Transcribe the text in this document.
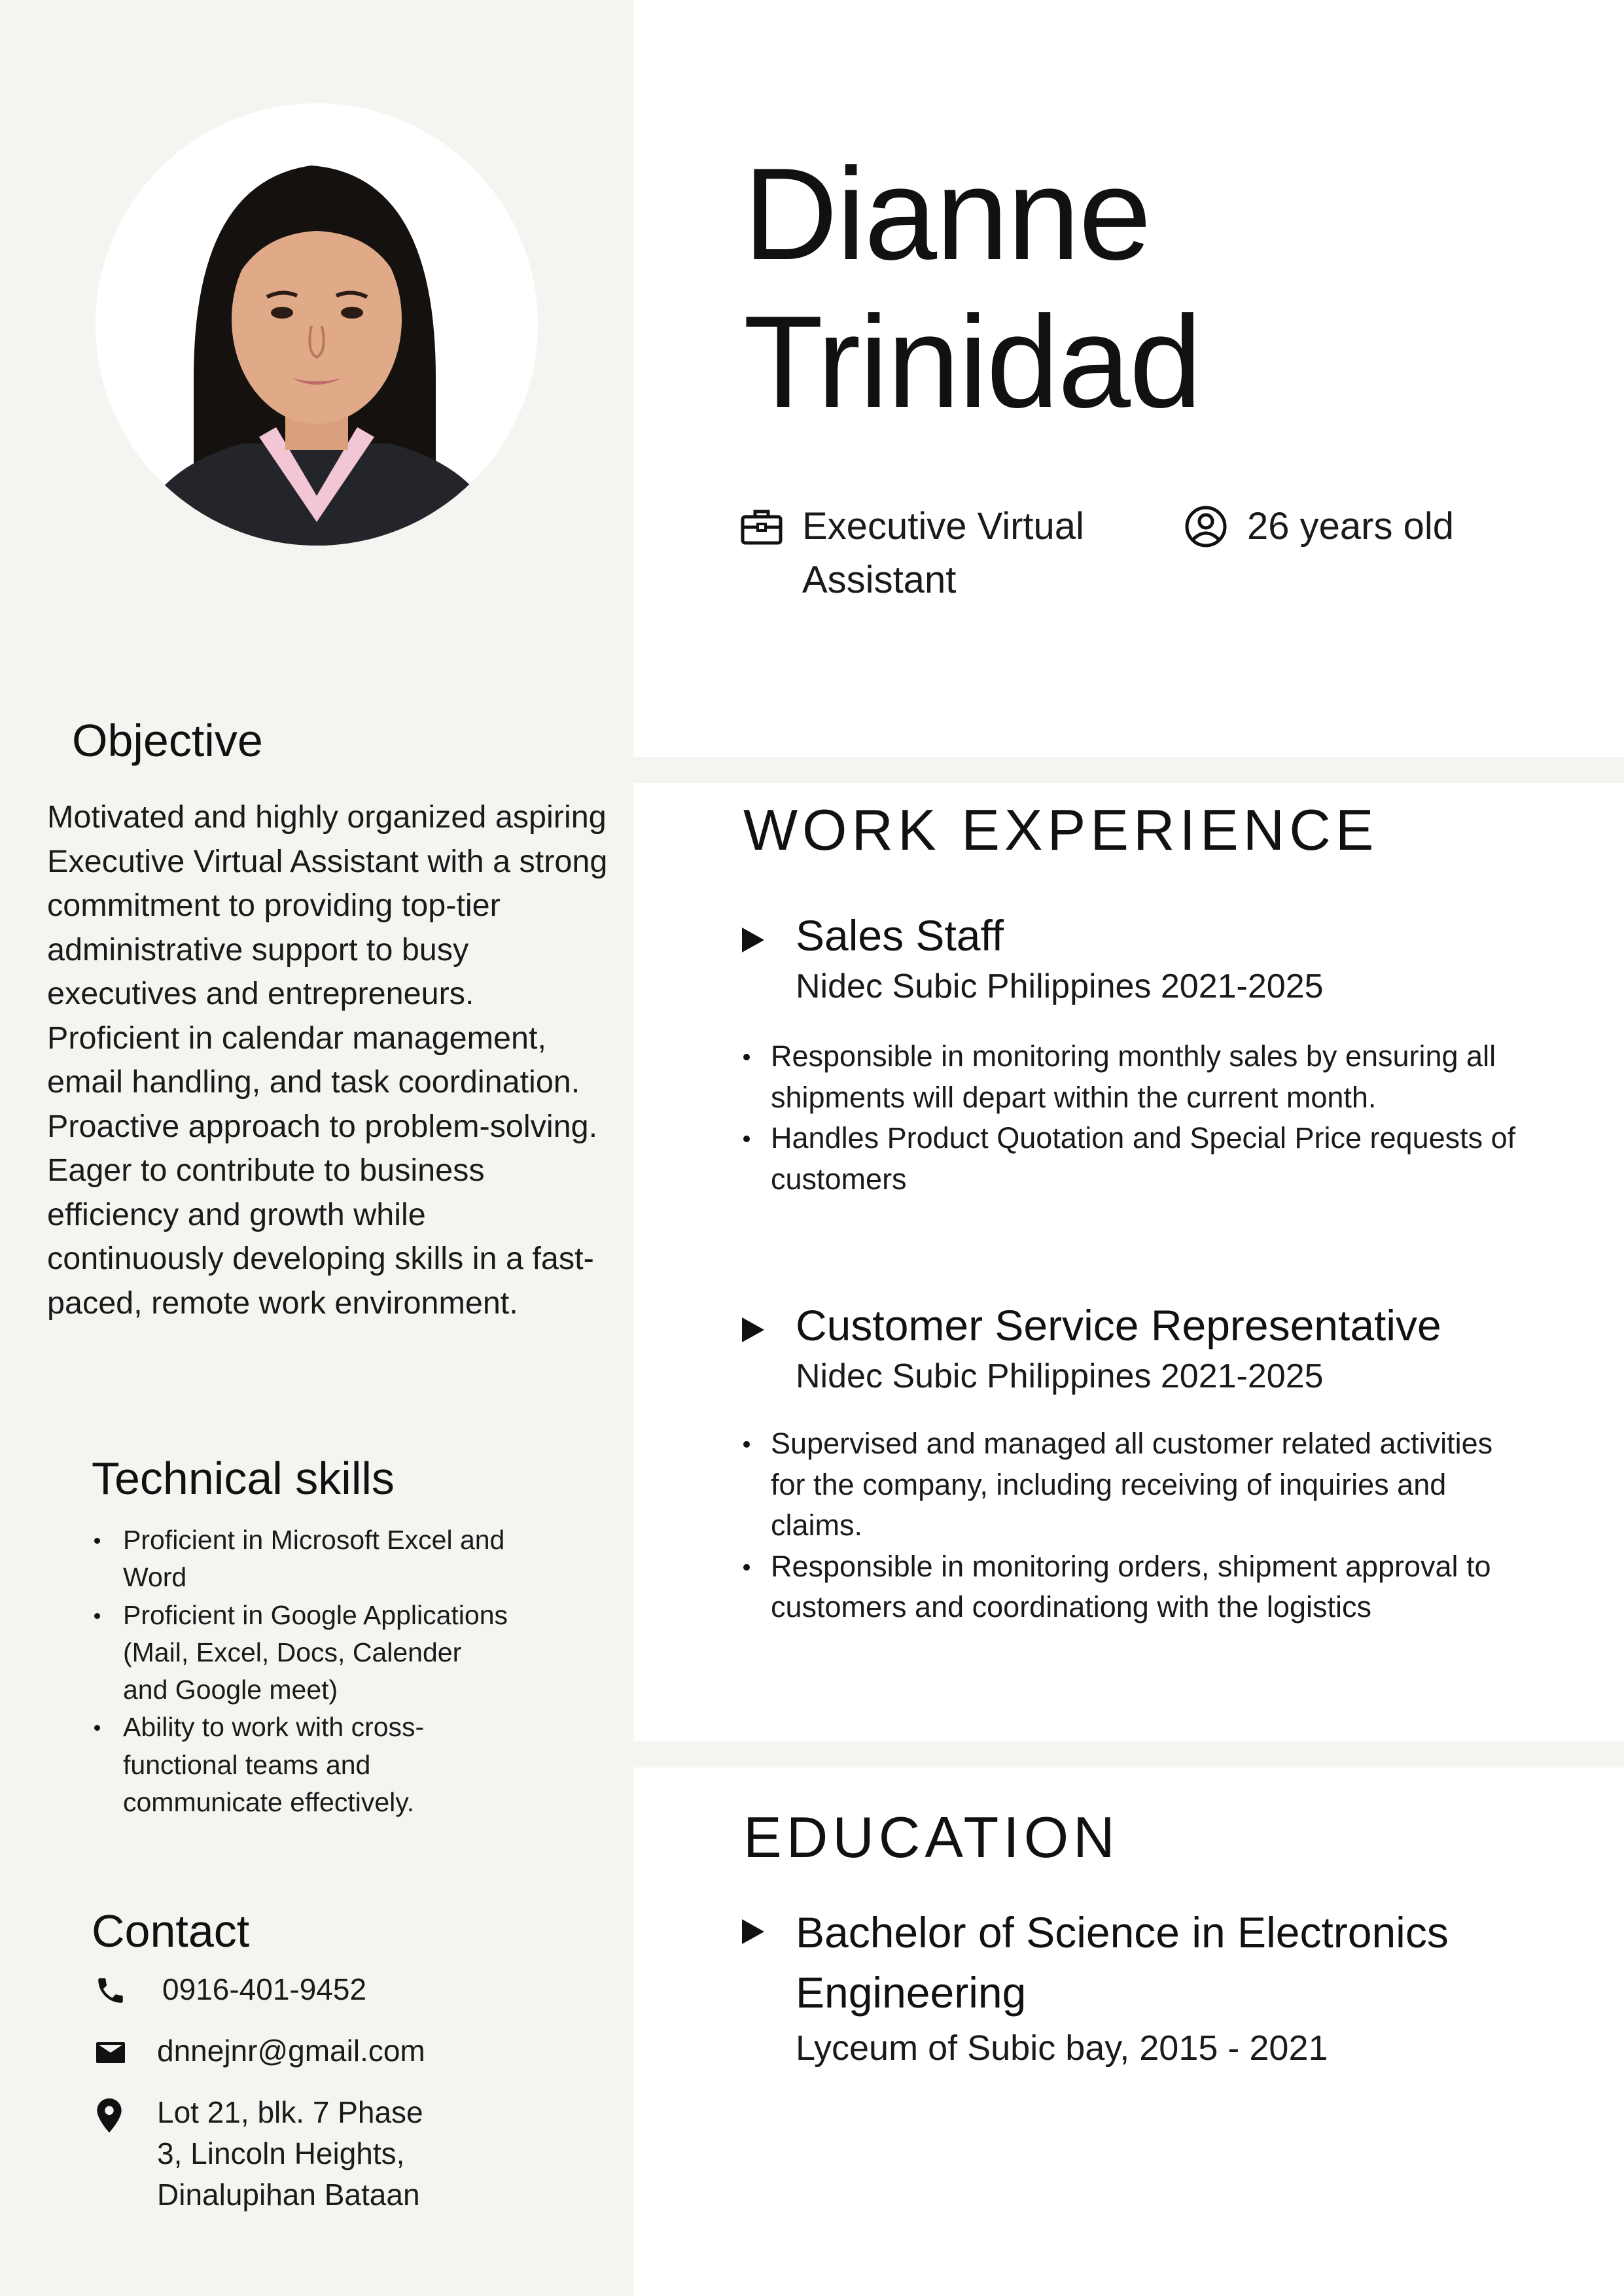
Dianne
Trinidad
Executive Virtual
Assistant
26 years old
Objective
Motivated and highly organized aspiring Executive Virtual Assistant with a strong commitment to providing top-tier administrative support to busy executives and entrepreneurs. Proficient in calendar management, email handling, and task coordination. Proactive approach to problem-solving. Eager to contribute to business efficiency and growth while continuously developing skills in a fast-paced, remote work environment.
Technical skills
Proficient in Microsoft Excel and Word
Proficient in Google Applications (Mail, Excel, Docs, Calender and Google meet)
Ability to work with cross-functional teams and communicate effectively.
Contact
0916-401-9452
dnnejnr@gmail.com
Lot 21, blk. 7 Phase
3, Lincoln Heights,
Dinalupihan Bataan
WORK EXPERIENCE
Sales Staff
Nidec Subic Philippines 2021-2025
Responsible in monitoring monthly sales by ensuring all shipments will depart within the current month.
Handles Product Quotation and Special Price requests of customers
Customer Service Representative
Nidec Subic Philippines 2021-2025
Supervised and managed all customer related activities for the company, including receiving of inquiries and claims.
Responsible in monitoring orders, shipment approval to customers and coordinationg with the logistics
EDUCATION
Bachelor of Science in Electronics Engineering
Lyceum of Subic bay, 2015 - 2021
